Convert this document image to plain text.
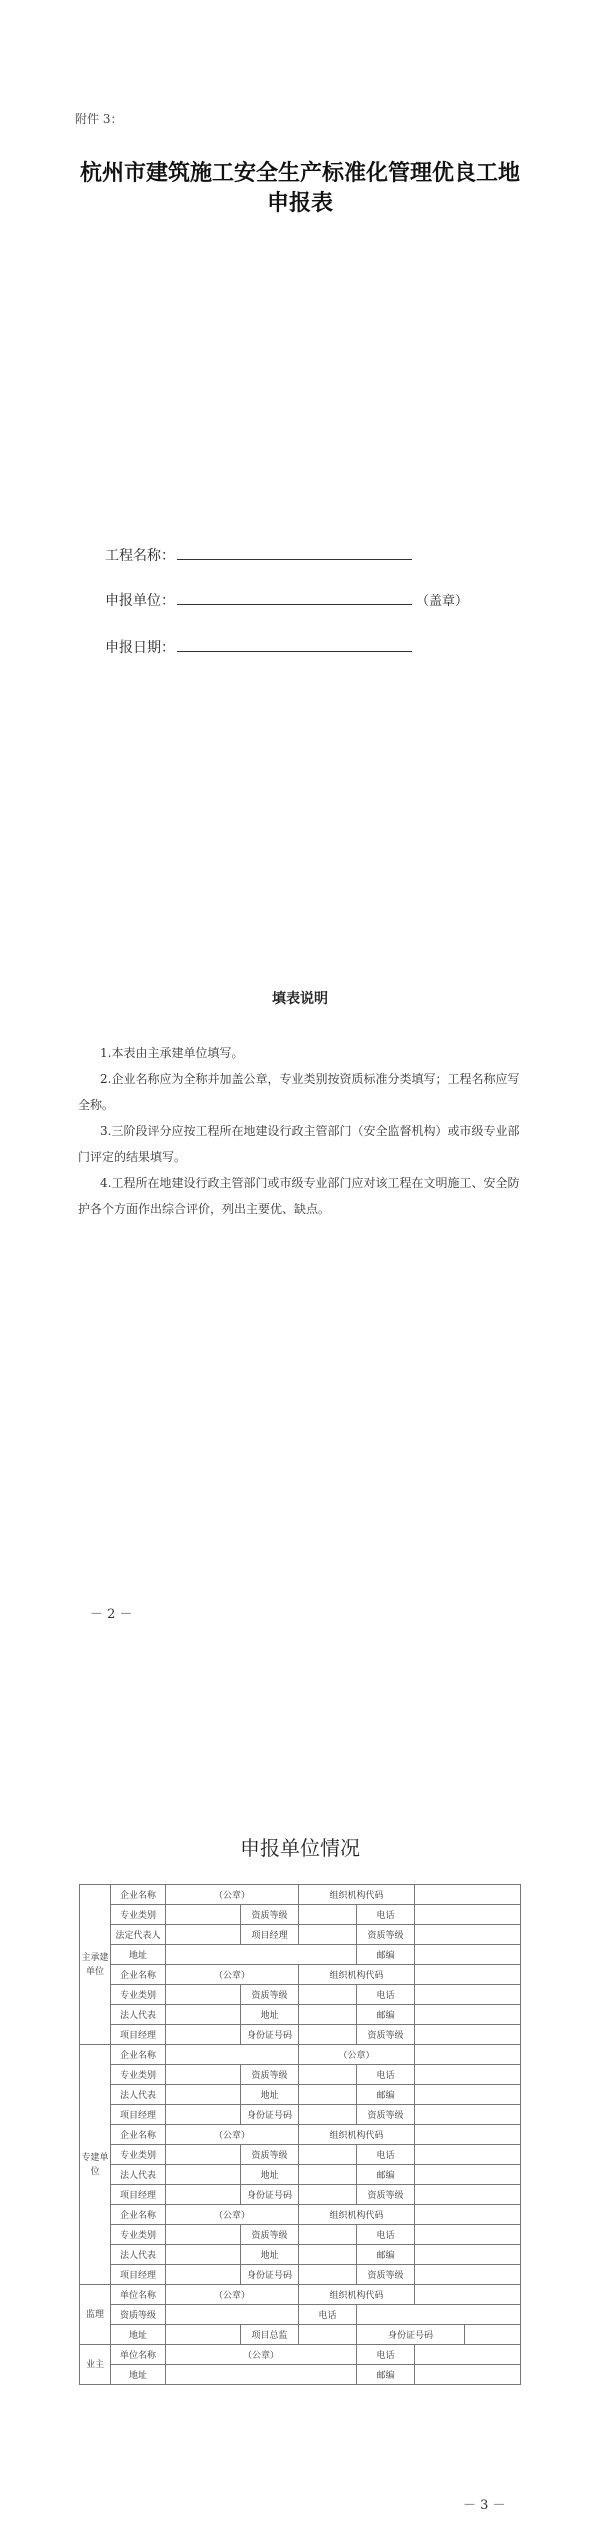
附件 3：
杭州市建筑施工安全生产标准化管理优良工地
申报表
工程名称：
申报单位：	（盖章）
申报日期：
填表说明
1.本表由主承建单位填写。
2.企业名称应为全称并加盖公章，专业类别按资质标准分类填写；工程名称应写全称。
3.三阶段评分应按工程所在地建设行政主管部门（安全监督机构）或市级专业部门评定的结果填写。
4.工程所在地建设行政主管部门或市级专业部门应对该工程在文明施工、安全防护各个方面作出综合评价，列出主要优、缺点。
－ 2 －
申报单位情况
主承建单位	企业名称	（公章）		组织机构代码			
	专业类别		资质等级		电话		
	法定代表人		项目经理		资质等级		
	地址				邮编		
	企业名称	（公章）		组织机构代码			
	专业类别		资质等级		电话		
	法人代表		地址		邮编		
	项目经理		身份证号码		资质等级		
专建单位	企业名称			（公章）			
	专业类别		资质等级		电话		
	法人代表		地址		邮编		
	项目经理		身份证号码		资质等级		
	企业名称	（公章）		组织机构代码			
	专业类别		资质等级		电话		
	法人代表		地址		邮编		
	项目经理		身份证号码		资质等级		
	企业名称	（公章）		组织机构代码			
	专业类别		资质等级		电话		
	法人代表		地址		邮编		
	项目经理		身份证号码		资质等级		
监理	单位名称	（公章）		组织机构代码			
	资质等级			电话			
	地址		项目总监		身份证号码		
业主	单位名称	（公章）			电话		
	地址				邮编		
－ 3 －
